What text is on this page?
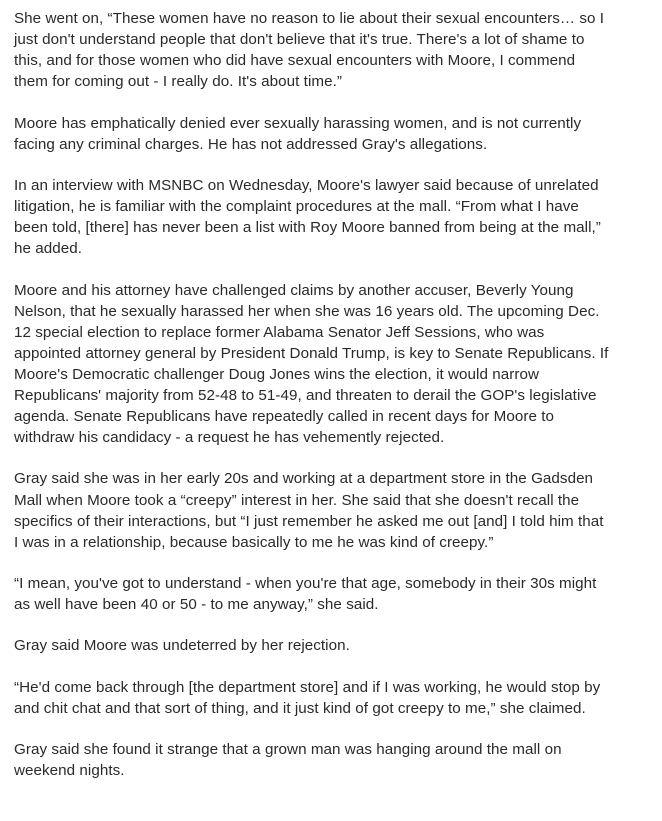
She went on, “These women have no reason to lie about their sexual encounters… so I
just don't understand people that don't believe that it's true. There's a lot of shame to
this, and for those women who did have sexual encounters with Moore, I commend
them for coming out - I really do. It's about time.”

Moore has emphatically denied ever sexually harassing women, and is not currently
facing any criminal charges. He has not addressed Gray's allegations.

In an interview with MSNBC on Wednesday, Moore's lawyer said because of unrelated
litigation, he is familiar with the complaint procedures at the mall. “From what I have
been told, [there] has never been a list with Roy Moore banned from being at the mall,”
he added.

Moore and his attorney have challenged claims by another accuser, Beverly Young
Nelson, that he sexually harassed her when she was 16 years old. The upcoming Dec.
12 special election to replace former Alabama Senator Jeff Sessions, who was
appointed attorney general by President Donald Trump, is key to Senate Republicans. If
Moore's Democratic challenger Doug Jones wins the election, it would narrow
Republicans' majority from 52-48 to 51-49, and threaten to derail the GOP's legislative
agenda. Senate Republicans have repeatedly called in recent days for Moore to
withdraw his candidacy - a request he has vehemently rejected.

Gray said she was in her early 20s and working at a department store in the Gadsden
Mall when Moore took a “creepy” interest in her. She said that she doesn't recall the
specifics of their interactions, but “I just remember he asked me out [and] I told him that
I was in a relationship, because basically to me he was kind of creepy.”

“I mean, you've got to understand - when you're that age, somebody in their 30s might
as well have been 40 or 50 - to me anyway,” she said.

Gray said Moore was undeterred by her rejection.

“He'd come back through [the department store] and if I was working, he would stop by
and chit chat and that sort of thing, and it just kind of got creepy to me,” she claimed.

Gray said she found it strange that a grown man was hanging around the mall on
weekend nights.
